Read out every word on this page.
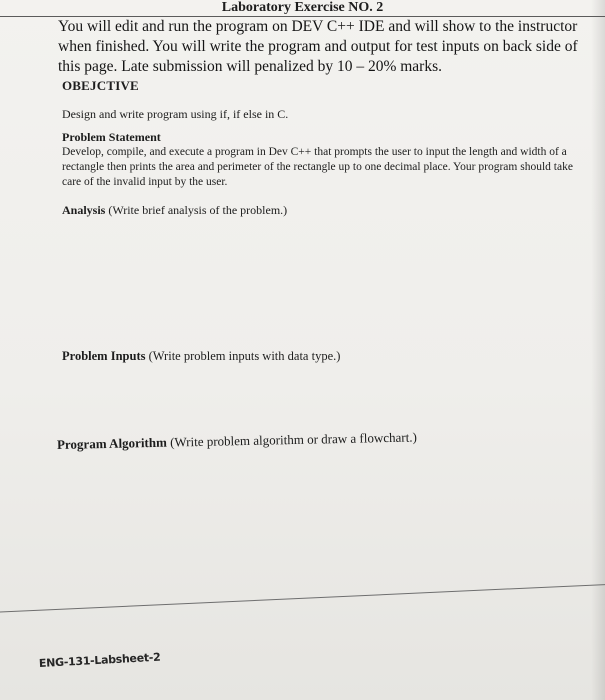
Laboratory Exercise NO. 2
You will edit and run the program on DEV C++ IDE and will show to the instructor when finished. You will write the program and output for test inputs on back side of this page. Late submission will penalized by 10 – 20% marks.
OBEJCTIVE
Design and write program using if, if else in C.
Problem Statement
Develop, compile, and execute a program in Dev C++ that prompts the user to input the length and width of a rectangle then prints the area and perimeter of the rectangle up to one decimal place. Your program should take care of the invalid input by the user.
Analysis (Write brief analysis of the problem.)
Problem Inputs (Write problem inputs with data type.)
Program Algorithm (Write problem algorithm or draw a flowchart.)
ENG-131-Labsheet-2
